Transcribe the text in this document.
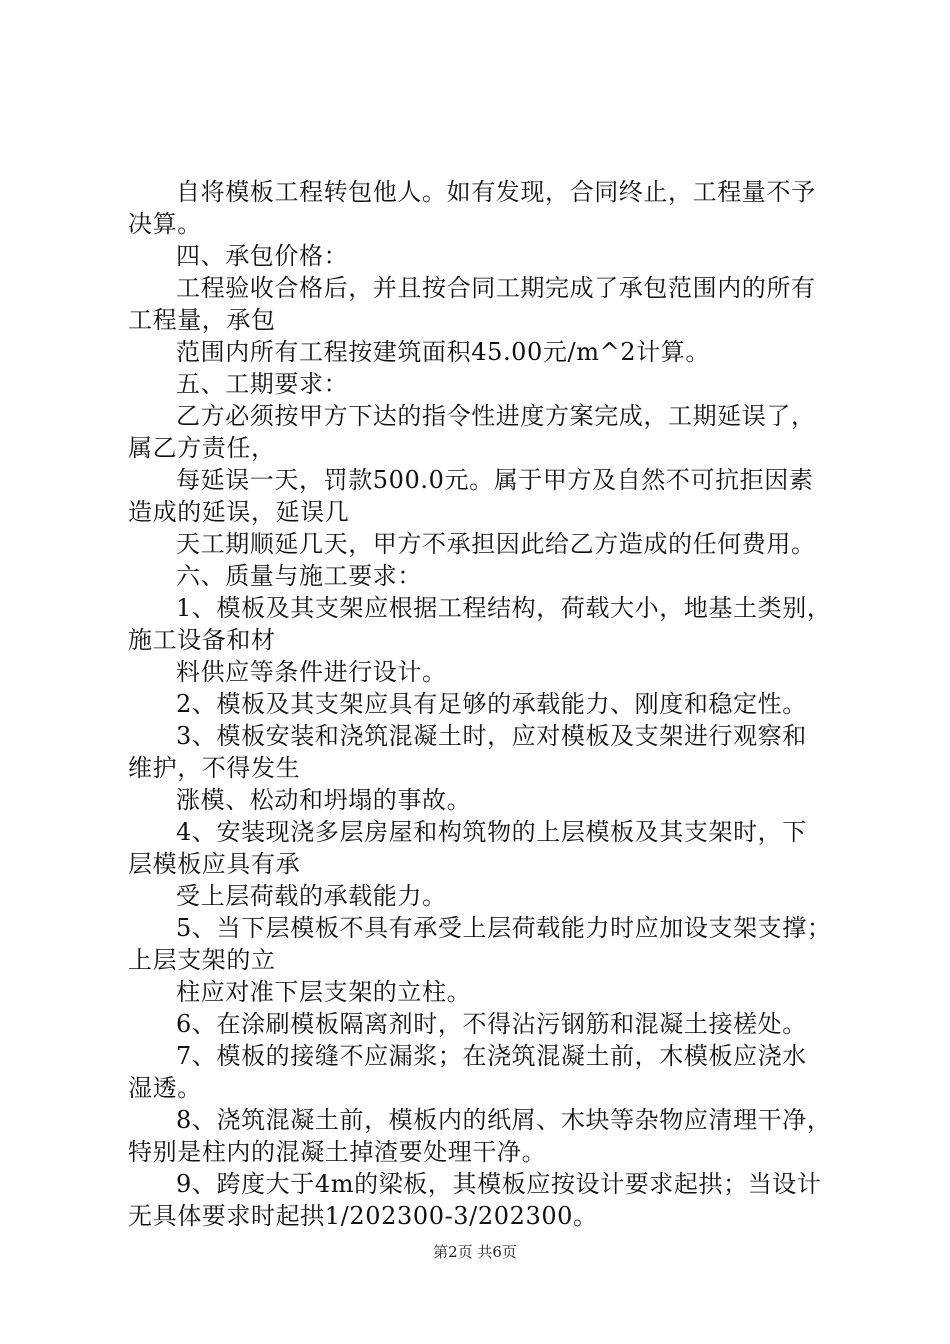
自将模板工程转包他人。如有发现，合同终止，工程量不予
决算。
四、承包价格：
工程验收合格后，并且按合同工期完成了承包范围内的所有
工程量，承包
范围内所有工程按建筑面积45.00元/m^2计算。
五、工期要求：
乙方必须按甲方下达的指令性进度方案完成，工期延误了，
属乙方责任，
每延误一天，罚款500.0元。属于甲方及自然不可抗拒因素
造成的延误，延误几
天工期顺延几天，甲方不承担因此给乙方造成的任何费用。
六、质量与施工要求：
1、模板及其支架应根据工程结构，荷载大小，地基土类别，
施工设备和材
料供应等条件进行设计。
2、模板及其支架应具有足够的承载能力、刚度和稳定性。
3、模板安装和浇筑混凝土时，应对模板及支架进行观察和
维护，不得发生
涨模、松动和坍塌的事故。
4、安装现浇多层房屋和构筑物的上层模板及其支架时，下
层模板应具有承
受上层荷载的承载能力。
5、当下层模板不具有承受上层荷载能力时应加设支架支撑；
上层支架的立
柱应对准下层支架的立柱。
6、在涂刷模板隔离剂时，不得沾污钢筋和混凝土接槎处。
7、模板的接缝不应漏浆；在浇筑混凝土前，木模板应浇水
湿透。
8、浇筑混凝土前，模板内的纸屑、木块等杂物应清理干净，
特别是柱内的混凝土掉渣要处理干净。
9、跨度大于4m的梁板，其模板应按设计要求起拱；当设计
无具体要求时起拱1/202300-3/202300。
第2页 共6页
